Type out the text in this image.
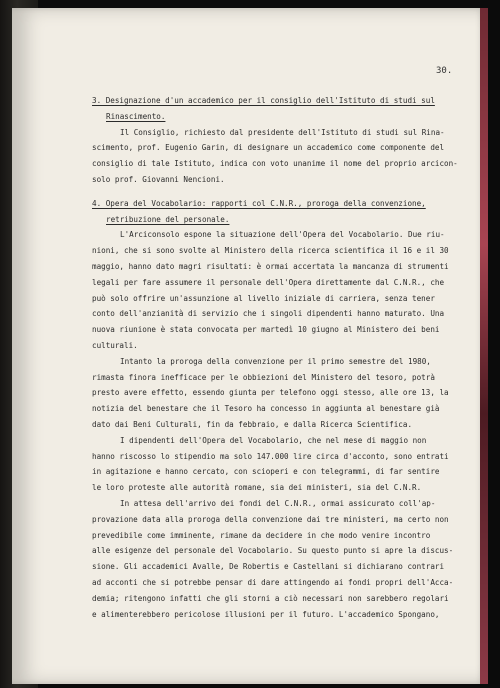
30.
3. Designazione d'un accademico per il consiglio dell'Istituto di studi sul
Rinascimento.
Il Consiglio, richiesto dal presidente dell'Istituto di studi sul Rina-
scimento, prof. Eugenio Garin, di designare un accademico come componente del
consiglio di tale Istituto, indica con voto unanime il nome del proprio arcicon-
solo prof. Giovanni Nencioni.
4. Opera del Vocabolario: rapporti col C.N.R., proroga della convenzione,
retribuzione del personale.
L'Arciconsolo espone la situazione dell'Opera del Vocabolario. Due riu-
nioni, che si sono svolte al Ministero della ricerca scientifica il 16 e il 30
maggio, hanno dato magri risultati: è ormai accertata la mancanza di strumenti
legali per fare assumere il personale dell'Opera direttamente dal C.N.R., che
può solo offrire un'assunzione al livello iniziale di carriera, senza tener
conto dell'anzianità di servizio che i singoli dipendenti hanno maturato. Una
nuova riunione è stata convocata per martedì 10 giugno al Ministero dei beni
culturali.
Intanto la proroga della convenzione per il primo semestre del 1980,
rimasta finora inefficace per le obbiezioni del Ministero del tesoro, potrà
presto avere effetto, essendo giunta per telefono oggi stesso, alle ore 13, la
notizia del benestare che il Tesoro ha concesso in aggiunta al benestare già
dato dai Beni Culturali, fin da febbraio, e dalla Ricerca Scientifica.
I dipendenti dell'Opera del Vocabolario, che nel mese di maggio non
hanno riscosso lo stipendio ma solo 147.000 lire circa d'acconto, sono entrati
in agitazione e hanno cercato, con scioperi e con telegrammi, di far sentire
le loro proteste alle autorità romane, sia dei ministeri, sia del C.N.R.
In attesa dell'arrivo dei fondi del C.N.R., ormai assicurato coll'ap-
provazione data alla proroga della convenzione dai tre ministeri, ma certo non
prevedibile come imminente, rimane da decidere in che modo venire incontro
alle esigenze del personale del Vocabolario. Su questo punto si apre la discus-
sione. Gli accademici Avalle, De Robertis e Castellani si dichiarano contrari
ad acconti che si potrebbe pensar di dare attingendo ai fondi propri dell'Acca-
demia; ritengono infatti che gli storni a ciò necessari non sarebbero regolari
e alimenterebbero pericolose illusioni per il futuro. L'accademico Spongano,
